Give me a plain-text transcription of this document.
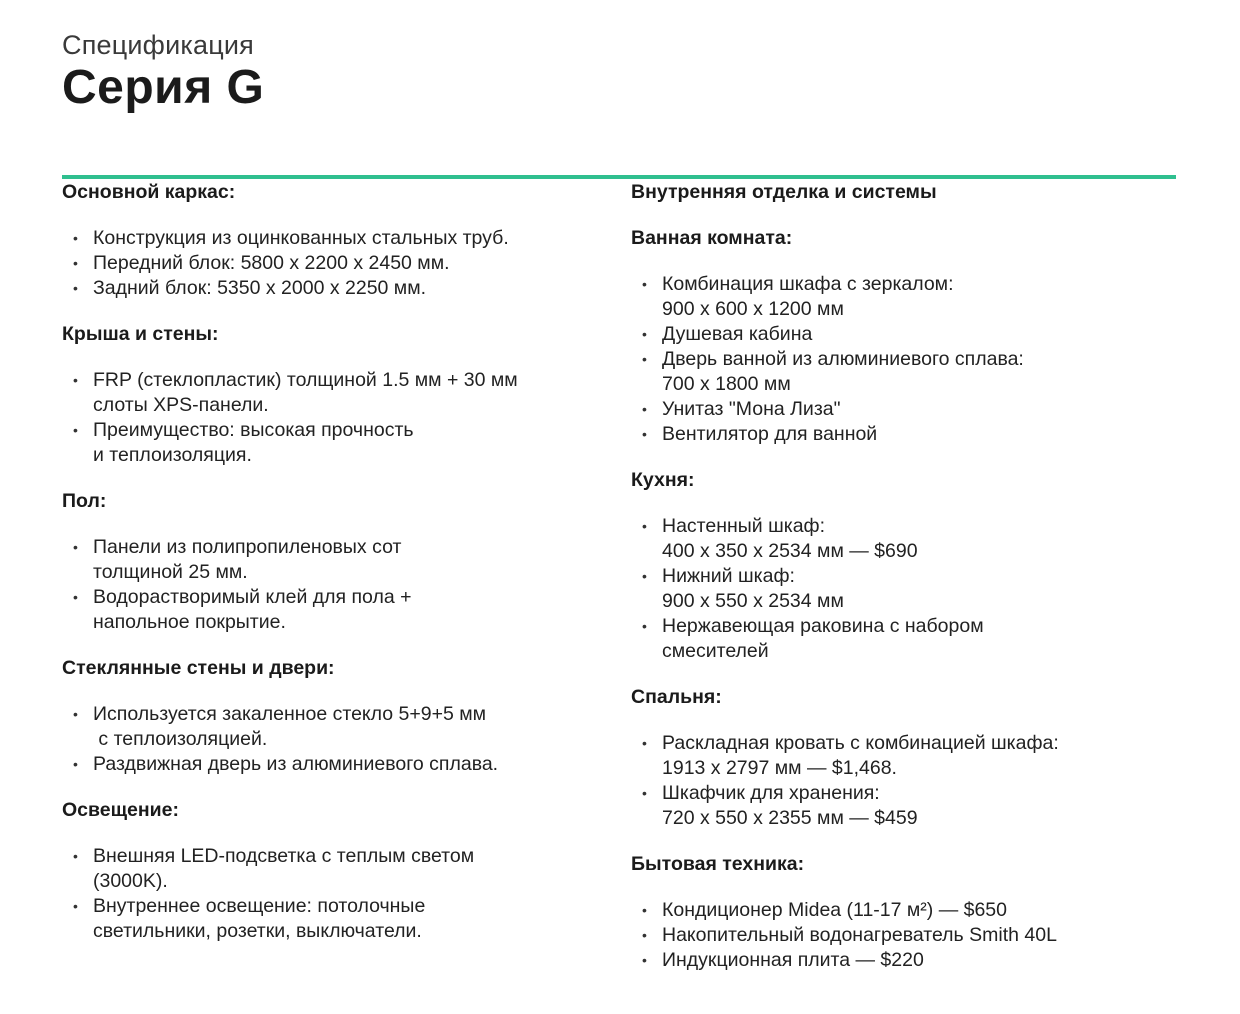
Спецификация
Серия G
Основной каркас:
• Конструкция из оцинкованных стальных труб.
• Передний блок: 5800 x 2200 x 2450 мм.
• Задний блок: 5350 x 2000 x 2250 мм.
Крыша и стены:
• FRP (стеклопластик) толщиной 1.5 мм + 30 мм
слоты XPS-панели.
• Преимущество: высокая прочность
и теплоизоляция.
Пол:
• Панели из полипропиленовых сот
толщиной 25 мм.
• Водорастворимый клей для пола +
напольное покрытие.
Стеклянные стены и двери:
• Используется закаленное стекло 5+9+5 мм
с теплоизоляцией.
• Раздвижная дверь из алюминиевого сплава.
Освещение:
• Внешняя LED-подсветка с теплым светом
(3000K).
• Внутреннее освещение: потолочные
светильники, розетки, выключатели.
Внутренняя отделка и системы
Ванная комната:
• Комбинация шкафа с зеркалом:
900 x 600 x 1200 мм
• Душевая кабина
• Дверь ванной из алюминиевого сплава:
700 x 1800 мм
• Унитаз "Мона Лиза"
• Вентилятор для ванной
Кухня:
• Настенный шкаф:
400 x 350 x 2534 мм — $690
• Нижний шкаф:
900 x 550 x 2534 мм
• Нержавеющая раковина с набором
смесителей
Спальня:
• Раскладная кровать с комбинацией шкафа:
1913 x 2797 мм — $1,468.
• Шкафчик для хранения:
720 x 550 x 2355 мм — $459
Бытовая техника:
• Кондиционер Midea (11-17 м²) — $650
• Накопительный водонагреватель Smith 40L
• Индукционная плита — $220
